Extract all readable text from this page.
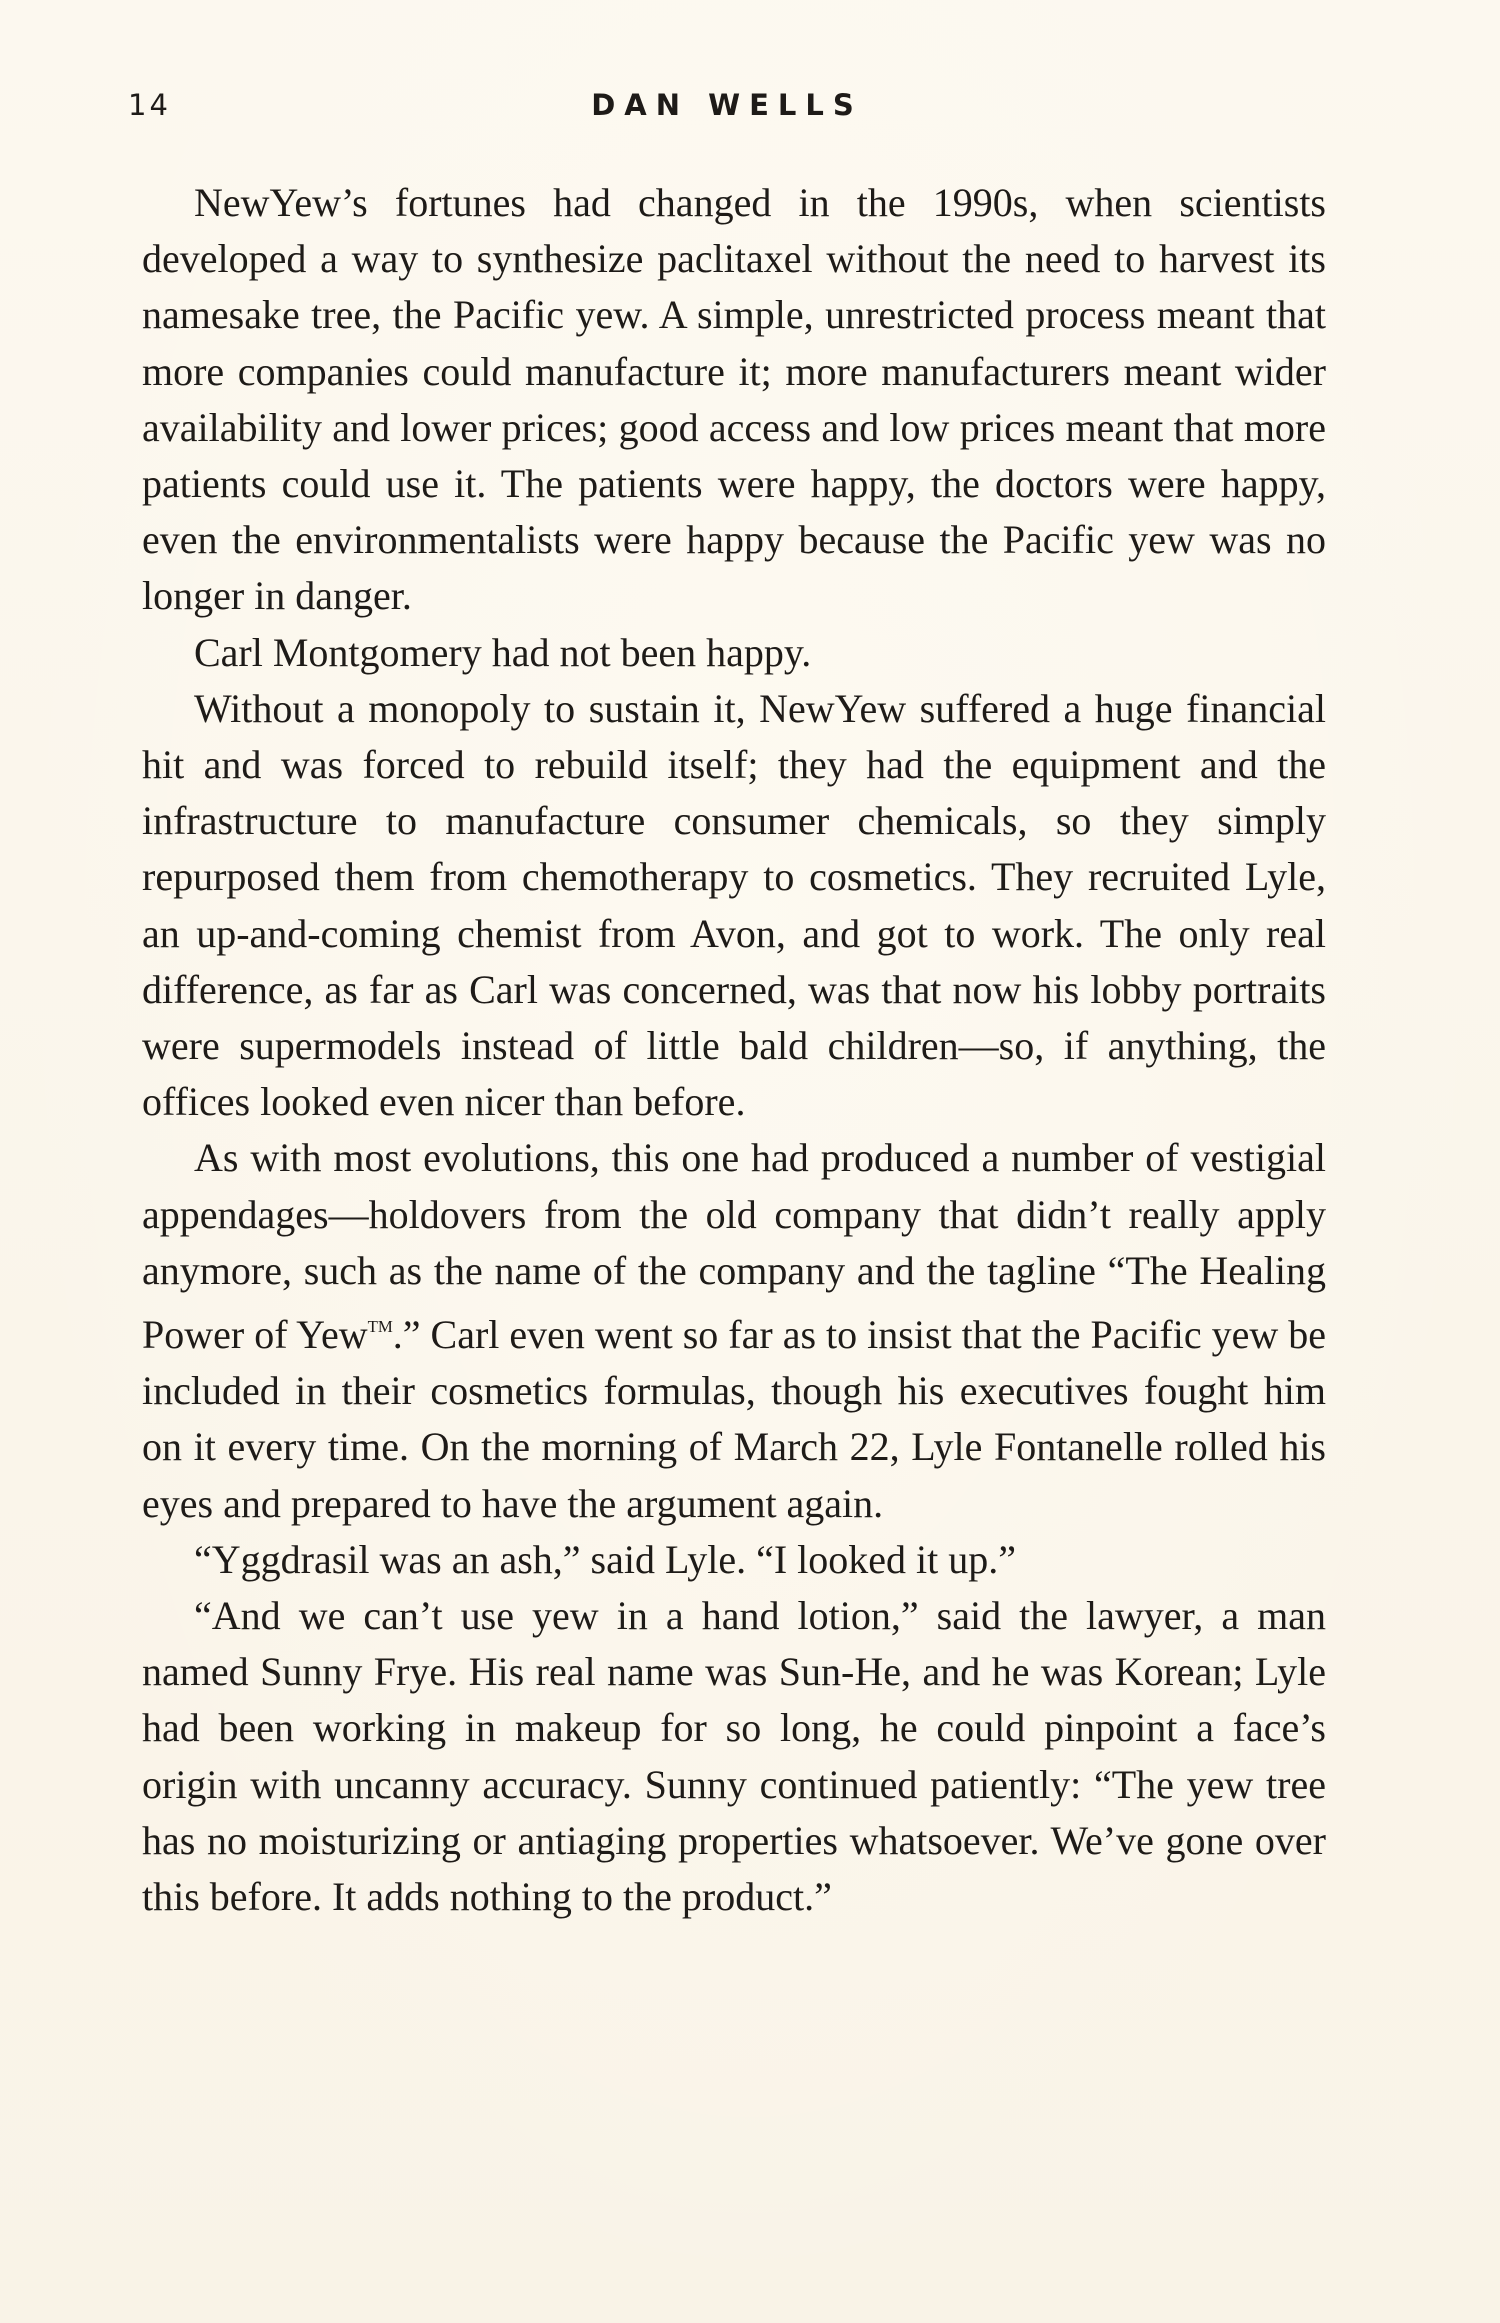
14	DAN WELLS

NewYew’s fortunes had changed in the 1990s, when scientists developed a way to synthesize paclitaxel without the need to harvest its namesake tree, the Pacific yew. A simple, unrestricted process meant that more companies could manufacture it; more manufacturers meant wider availability and lower prices; good access and low prices meant that more patients could use it. The patients were happy, the doctors were happy, even the environmentalists were happy because the Pacific yew was no longer in danger.

Carl Montgomery had not been happy.

Without a monopoly to sustain it, NewYew suffered a huge financial hit and was forced to rebuild itself; they had the equipment and the infrastructure to manufacture consumer chemicals, so they simply repurposed them from chemotherapy to cosmetics. They recruited Lyle, an up-and-coming chemist from Avon, and got to work. The only real difference, as far as Carl was concerned, was that now his lobby portraits were supermodels instead of little bald children—so, if anything, the offices looked even nicer than before.

As with most evolutions, this one had produced a number of vestigial appendages—holdovers from the old company that didn’t really apply anymore, such as the name of the company and the tagline “The Healing Power of Yew™.” Carl even went so far as to insist that the Pacific yew be included in their cosmetics formulas, though his executives fought him on it every time. On the morning of March 22, Lyle Fontanelle rolled his eyes and prepared to have the argument again.

“Yggdrasil was an ash,” said Lyle. “I looked it up.”

“And we can’t use yew in a hand lotion,” said the lawyer, a man named Sunny Frye. His real name was Sun-He, and he was Korean; Lyle had been working in makeup for so long, he could pinpoint a face’s origin with uncanny accuracy. Sunny continued patiently: “The yew tree has no moisturizing or antiaging properties whatsoever. We’ve gone over this before. It adds nothing to the product.”
